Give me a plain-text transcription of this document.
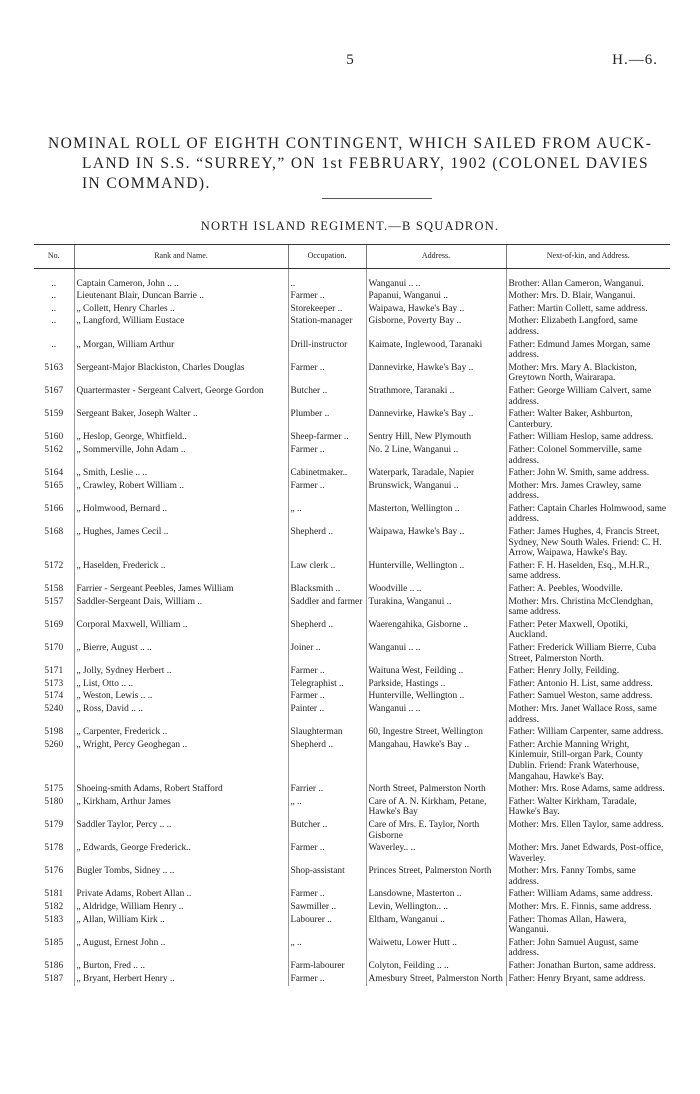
5	H.—6.
NOMINAL ROLL OF EIGHTH CONTINGENT, WHICH SAILED FROM AUCK-
LAND IN S.S. “SURREY,” ON 1st FEBRUARY, 1902 (COLONEL DAVIES
IN COMMAND).
NORTH ISLAND REGIMENT.—B SQUADRON.
No.	Rank and Name.	Occupation.	Address.	Next-of-kin, and Address.
..	Captain Cameron, John .. ..	..	Wanganui .. ..	Brother: Allan Cameron, Wanganui.
..	Lieutenant Blair, Duncan Barrie ..	Farmer ..	Papanui, Wanganui ..	Mother: Mrs. D. Blair, Wanganui.
..	„ Collett, Henry Charles ..	Storekeeper ..	Waipawa, Hawke's Bay ..	Father: Martin Collett, same address.
..	„ Langford, William Eustace	Station-manager	Gisborne, Poverty Bay ..	Mother: Elizabeth Langford, same address.
..	„ Morgan, William Arthur	Drill-instructor	Kaimate, Inglewood, Taranaki	Father: Edmund James Morgan, same address.
5163	Sergeant-Major Blackiston, Charles Douglas	Farmer ..	Dannevirke, Hawke's Bay ..	Mother: Mrs. Mary A. Blackiston, Greytown North, Wairarapa.
5167	Quartermaster - Sergeant Calvert, George Gordon	Butcher ..	Strathmore, Taranaki ..	Father: George William Calvert, same address.
5159	Sergeant Baker, Joseph Walter ..	Plumber ..	Dannevirke, Hawke's Bay ..	Father: Walter Baker, Ashburton, Canterbury.
5160	„ Heslop, George, Whitfield..	Sheep-farmer ..	Sentry Hill, New Plymouth	Father: William Heslop, same address.
5162	„ Sommerville, John Adam ..	Farmer ..	No. 2 Line, Wanganui ..	Father: Colonel Sommerville, same address.
5164	„ Smith, Leslie .. ..	Cabinetmaker..	Waterpark, Taradale, Napier	Father: John W. Smith, same address.
5165	„ Crawley, Robert William ..	Farmer ..	Brunswick, Wanganui ..	Mother: Mrs. James Crawley, same address.
5166	„ Holmwood, Bernard ..	„ ..	Masterton, Wellington ..	Father: Captain Charles Holmwood, same address.
5168	„ Hughes, James Cecil ..	Shepherd ..	Waipawa, Hawke's Bay ..	Father: James Hughes, 4, Francis Street, Sydney, New South Wales. Friend: C. H. Arrow, Waipawa, Hawke's Bay.
5172	„ Haselden, Frederick ..	Law clerk ..	Hunterville, Wellington ..	Father: F. H. Haselden, Esq., M.H.R., same address.
5158	Farrier - Sergeant Peebles, James William	Blacksmith ..	Woodville .. ..	Father: A. Peebles, Woodville.
5157	Saddler-Sergeant Dais, William ..	Saddler and farmer	Turakina, Wanganui ..	Mother: Mrs. Christina McClendghan, same address.
5169	Corporal Maxwell, William ..	Shepherd ..	Waerengahika, Gisborne ..	Father: Peter Maxwell, Opotiki, Auckland.
5170	„ Bierre, August .. ..	Joiner ..	Wanganui .. ..	Father: Frederick William Bierre, Cuba Street, Palmerston North.
5171	„ Jolly, Sydney Herbert ..	Farmer ..	Waituna West, Feilding ..	Father: Henry Jolly, Feilding.
5173	„ List, Otto .. ..	Telegraphist ..	Parkside, Hastings ..	Father: Antonio H. List, same address.
5174	„ Weston, Lewis .. ..	Farmer ..	Hunterville, Wellington ..	Father: Samuel Weston, same address.
5240	„ Ross, David .. ..	Painter ..	Wanganui .. ..	Mother: Mrs. Janet Wallace Ross, same address.
5198	„ Carpenter, Frederick ..	Slaughterman	60, Ingestre Street, Wellington	Father: William Carpenter, same address.
5260	„ Wright, Percy Geoghegan ..	Shepherd ..	Mangahau, Hawke's Bay ..	Father: Archie Manning Wright, Kinlemuir, Still-organ Park, County Dublin. Friend: Frank Waterhouse, Mangahau, Hawke's Bay.
5175	Shoeing-smith Adams, Robert Stafford	Farrier ..	North Street, Palmerston North	Mother: Mrs. Rose Adams, same address.
5180	„ Kirkham, Arthur James	„ ..	Care of A. N. Kirkham, Petane, Hawke's Bay	Father: Walter Kirkham, Taradale, Hawke's Bay.
5179	Saddler Taylor, Percy .. ..	Butcher ..	Care of Mrs. E. Taylor, North Gisborne	Mother: Mrs. Ellen Taylor, same address.
5178	„ Edwards, George Frederick..	Farmer ..	Waverley.. ..	Mother: Mrs. Janet Edwards, Post-office, Waverley.
5176	Bugler Tombs, Sidney .. ..	Shop-assistant	Princes Street, Palmerston North	Mother: Mrs. Fanny Tombs, same address.
5181	Private Adams, Robert Allan ..	Farmer ..	Lansdowne, Masterton ..	Father: William Adams, same address.
5182	„ Aldridge, William Henry ..	Sawmiller ..	Levin, Wellington.. ..	Mother: Mrs. E. Finnis, same address.
5183	„ Allan, William Kirk ..	Labourer ..	Eltham, Wanganui ..	Father: Thomas Allan, Hawera, Wanganui.
5185	„ August, Ernest John ..	„ ..	Waiwetu, Lower Hutt ..	Father: John Samuel August, same address.
5186	„ Burton, Fred .. ..	Farm-labourer	Colyton, Feilding .. ..	Father: Jonathan Burton, same address.
5187	„ Bryant, Herbert Henry ..	Farmer ..	Amesbury Street, Palmerston North	Father: Henry Bryant, same address.
